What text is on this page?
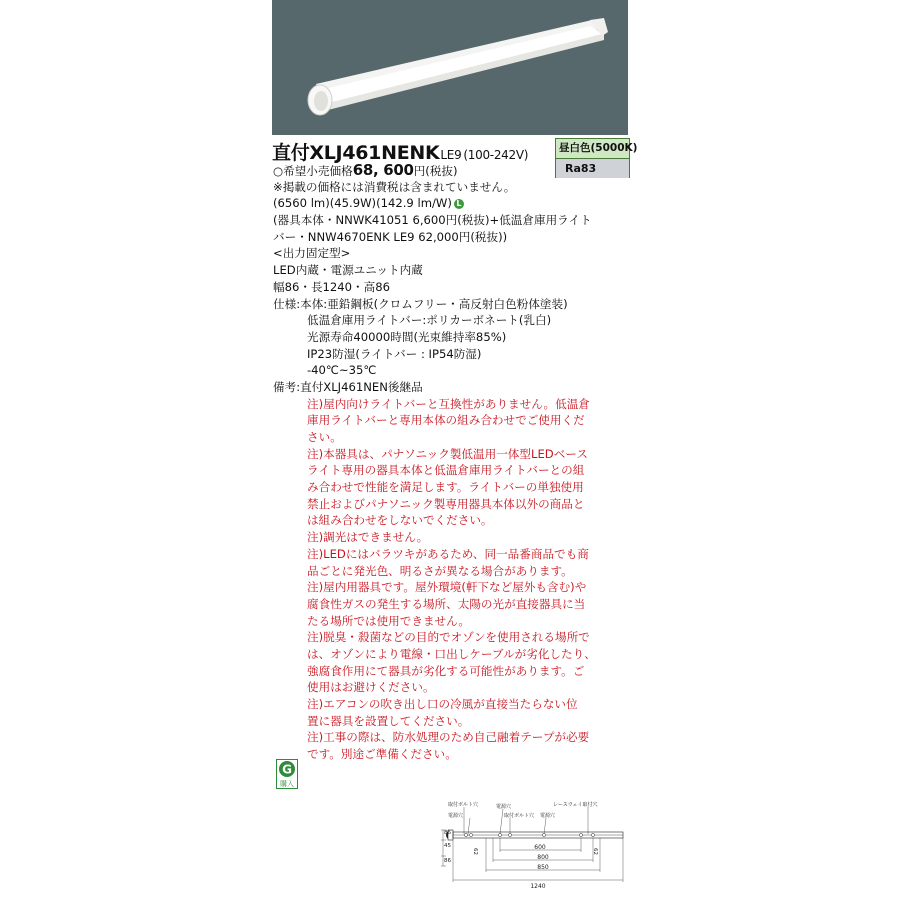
直付XLJ461NENKLE9 (100-242V)	昼白色(5000K)
Ra83
○希望小売価格68, 600円(税抜)
※掲載の価格には消費税は含まれていません。
(6560 lm)(45.9W)(142.9 lm/W) L
(器具本体・NNWK41051 6,600円(税抜)+低温倉庫用ライト
バー・NNW4670ENK LE9 62,000円(税抜))
<出力固定型>
LED内蔵・電源ユニット内蔵
幅86・長1240・高86
仕様:本体:亜鉛鋼板(クロムフリー・高反射白色粉体塗装)
低温倉庫用ライトバー:ポリカーボネート(乳白)
光源寿命40000時間(光束維持率85%)
IP23防湿(ライトバー : IP54防湿)
-40℃~35℃
備考:直付XLJ461NEN後継品
注)屋内向けライトバーと互換性がありません。低温倉
庫用ライトバーと専用本体の組み合わせでご使用くだ
さい。
注)本器具は、パナソニック製低温用一体型LEDベース
ライト専用の器具本体と低温倉庫用ライトバーとの組
み合わせで性能を満足します。ライトバーの単独使用
禁止およびパナソニック製専用器具本体以外の商品と
は組み合わせをしないでください。
注)調光はできません。
注)LEDにはバラツキがあるため、同一品番商品でも商
品ごとに発光色、明るさが異なる場合があります。
注)屋内用器具です。屋外環境(軒下など屋外も含む)や
腐食性ガスの発生する場所、太陽の光が直接器具に当
たる場所では使用できません。
注)脱臭・殺菌などの目的でオゾンを使用される場所で
は、オゾンにより電線・口出しケーブルが劣化したり、
強腐食作用にて器具が劣化する可能性があります。ご
使用はお避けください。
注)エアコンの吹き出し口の冷風が直接当たらない位
置に器具を設置してください。
注)工事の際は、防水処理のため自己融着テープが必要
です。別途ご準備ください。
G
購入
取付ボルト穴
電源穴
電源穴
取付ボルト穴 電源穴
レースウェイ取付穴
86
45
86
62	62
600
800
850
1240
